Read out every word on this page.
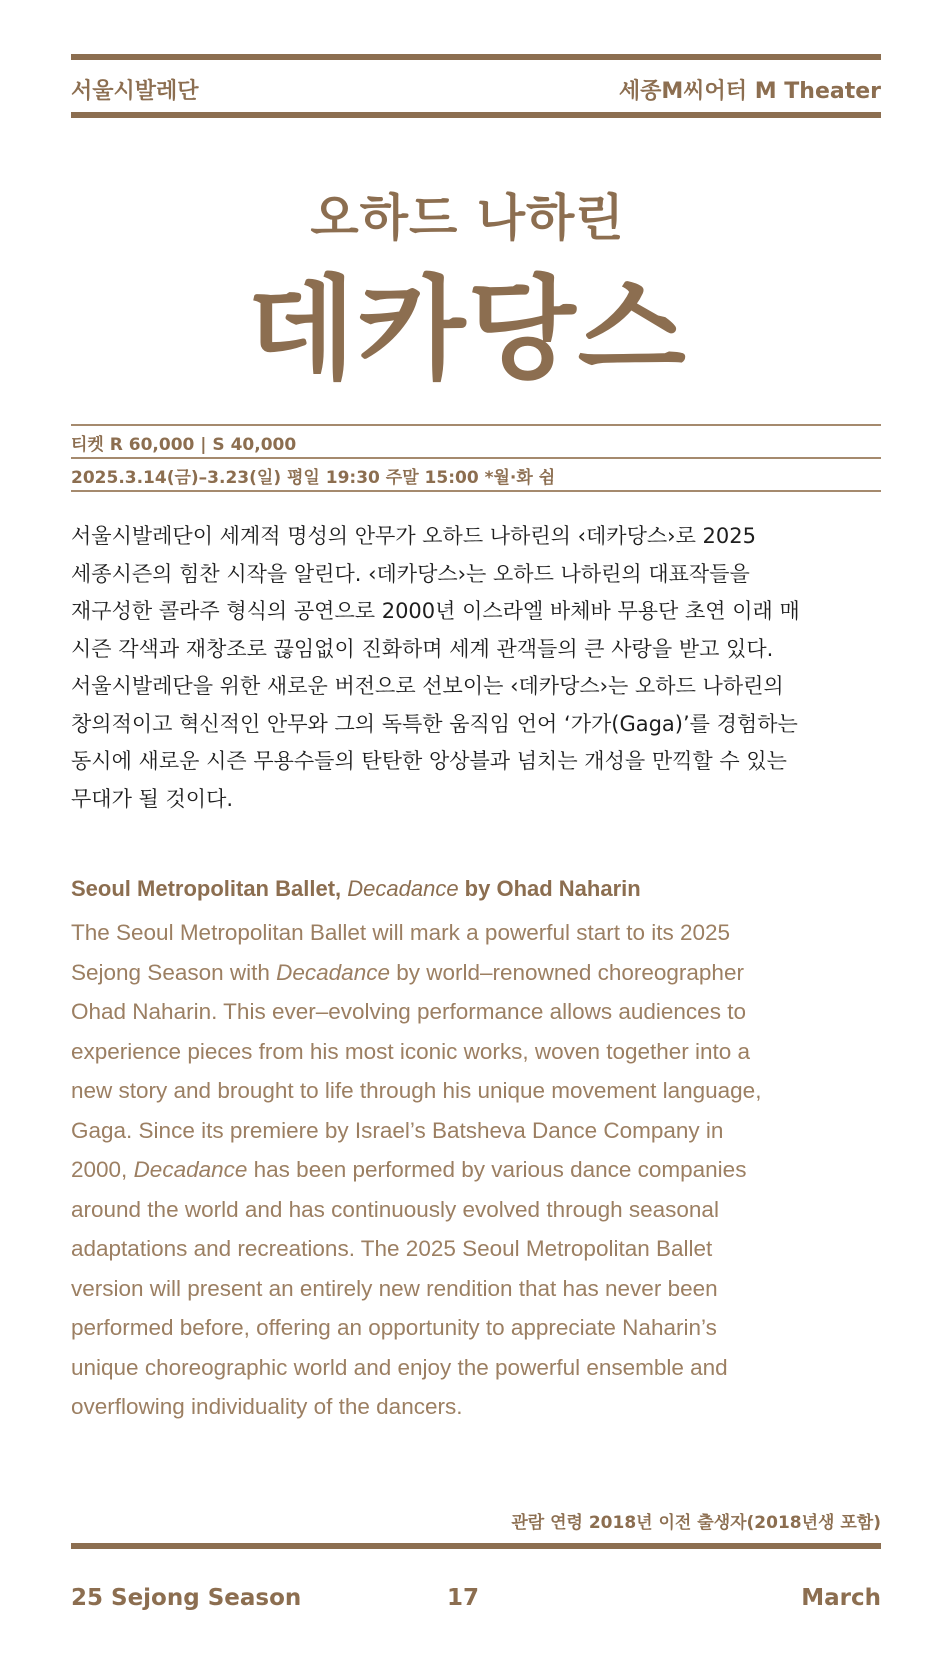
서울시발레단	세종M씨어터 M Theater
오하드 나하린
데카당스
티켓 R 60,000 | S 40,000
2025.3.14(금)–3.23(일) 평일 19:30 주말 15:00 *월·화 쉼

서울시발레단이 세계적 명성의 안무가 오하드 나하린의 ‹데카당스›로 2025

세종시즌의 힘찬 시작을 알린다. ‹데카당스›는 오하드 나하린의 대표작들을

재구성한 콜라주 형식의 공연으로 2000년 이스라엘 바체바 무용단 초연 이래 매

시즌 각색과 재창조로 끊임없이 진화하며 세계 관객들의 큰 사랑을 받고 있다.

서울시발레단을 위한 새로운 버전으로 선보이는 ‹데카당스›는 오하드 나하린의

창의적이고 혁신적인 안무와 그의 독특한 움직임 언어 ‘가가(Gaga)’를 경험하는

동시에 새로운 시즌 무용수들의 탄탄한 앙상블과 넘치는 개성을 만끽할 수 있는

무대가 될 것이다.

Seoul Metropolitan Ballet, Decadance by Ohad Naharin

The Seoul Metropolitan Ballet will mark a powerful start to its 2025

Sejong Season with Decadance by world–renowned choreographer

Ohad Naharin. This ever–evolving performance allows audiences to

experience pieces from his most iconic works, woven together into a

new story and brought to life through his unique movement language,

Gaga. Since its premiere by Israel’s Batsheva Dance Company in

2000, Decadance has been performed by various dance companies

around the world and has continuously evolved through seasonal

adaptations and recreations. The 2025 Seoul Metropolitan Ballet

version will present an entirely new rendition that has never been

performed before, offering an opportunity to appreciate Naharin’s

unique choreographic world and enjoy the powerful ensemble and

overflowing individuality of the dancers.

관람 연령 2018년 이전 출생자(2018년생 포함)
25 Sejong Season	17	March
